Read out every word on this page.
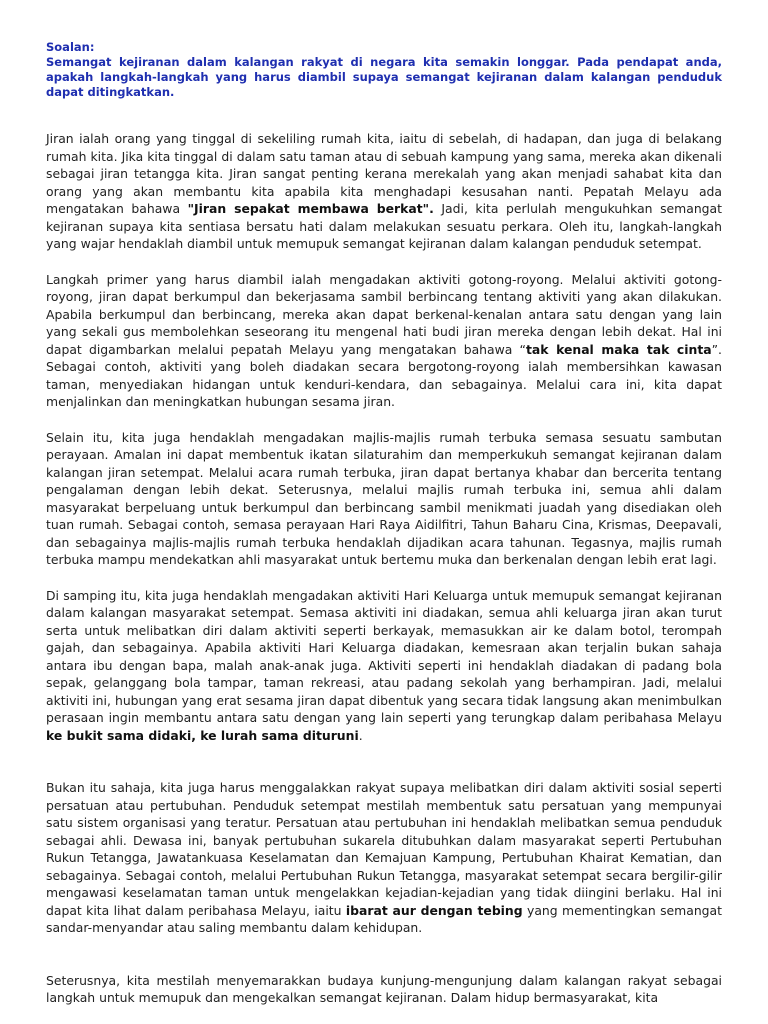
Soalan:
Semangat kejiranan dalam kalangan rakyat di negara kita semakin longgar. Pada pendapat anda, apakah langkah-langkah yang harus diambil supaya semangat kejiranan dalam kalangan penduduk dapat ditingkatkan.

Jiran ialah orang yang tinggal di sekeliling rumah kita, iaitu di sebelah, di hadapan, dan juga di belakang rumah kita. Jika kita tinggal di dalam satu taman atau di sebuah kampung yang sama, mereka akan dikenali sebagai jiran tetangga kita. Jiran sangat penting kerana merekalah yang akan menjadi sahabat kita dan orang yang akan membantu kita apabila kita menghadapi kesusahan nanti. Pepatah Melayu ada mengatakan bahawa "Jiran sepakat membawa berkat". Jadi, kita perlulah mengukuhkan semangat kejiranan supaya kita sentiasa bersatu hati dalam melakukan sesuatu perkara. Oleh itu, langkah-langkah yang wajar hendaklah diambil untuk memupuk semangat kejiranan dalam kalangan penduduk setempat.

Langkah primer yang harus diambil ialah mengadakan aktiviti gotong-royong. Melalui aktiviti gotong-royong, jiran dapat berkumpul dan bekerjasama sambil berbincang tentang aktiviti yang akan dilakukan. Apabila berkumpul dan berbincang, mereka akan dapat berkenal-kenalan antara satu dengan yang lain yang sekali gus membolehkan seseorang itu mengenal hati budi jiran mereka dengan lebih dekat. Hal ini dapat digambarkan melalui pepatah Melayu yang mengatakan bahawa “tak kenal maka tak cinta”. Sebagai contoh, aktiviti yang boleh diadakan secara bergotong-royong ialah membersihkan kawasan taman, menyediakan hidangan untuk kenduri-kendara, dan sebagainya. Melalui cara ini, kita dapat menjalinkan dan meningkatkan hubungan sesama jiran.

Selain itu, kita juga hendaklah mengadakan majlis-majlis rumah terbuka semasa sesuatu sambutan perayaan. Amalan ini dapat membentuk ikatan silaturahim dan memperkukuh semangat kejiranan dalam kalangan jiran setempat. Melalui acara rumah terbuka, jiran dapat bertanya khabar dan bercerita tentang pengalaman dengan lebih dekat. Seterusnya, melalui majlis rumah terbuka ini, semua ahli dalam masyarakat berpeluang untuk berkumpul dan berbincang sambil menikmati juadah yang disediakan oleh tuan rumah. Sebagai contoh, semasa perayaan Hari Raya Aidilfitri, Tahun Baharu Cina, Krismas, Deepavali, dan sebagainya majlis-majlis rumah terbuka hendaklah dijadikan acara tahunan. Tegasnya, majlis rumah terbuka mampu mendekatkan ahli masyarakat untuk bertemu muka dan berkenalan dengan lebih erat lagi.

Di samping itu, kita juga hendaklah mengadakan aktiviti Hari Keluarga untuk memupuk semangat kejiranan dalam kalangan masyarakat setempat. Semasa aktiviti ini diadakan, semua ahli keluarga jiran akan turut serta untuk melibatkan diri dalam aktiviti seperti berkayak, memasukkan air ke dalam botol, terompah gajah, dan sebagainya. Apabila aktiviti Hari Keluarga diadakan, kemesraan akan terjalin bukan sahaja antara ibu dengan bapa, malah anak-anak juga. Aktiviti seperti ini hendaklah diadakan di padang bola sepak, gelanggang bola tampar, taman rekreasi, atau padang sekolah yang berhampiran. Jadi, melalui aktiviti ini, hubungan yang erat sesama jiran dapat dibentuk yang secara tidak langsung akan menimbulkan perasaan ingin membantu antara satu dengan yang lain seperti yang terungkap dalam peribahasa Melayu ke bukit sama didaki, ke lurah sama dituruni.

Bukan itu sahaja, kita juga harus menggalakkan rakyat supaya melibatkan diri dalam aktiviti sosial seperti persatuan atau pertubuhan. Penduduk setempat mestilah membentuk satu persatuan yang mempunyai satu sistem organisasi yang teratur. Persatuan atau pertubuhan ini hendaklah melibatkan semua penduduk sebagai ahli. Dewasa ini, banyak pertubuhan sukarela ditubuhkan dalam masyarakat seperti Pertubuhan Rukun Tetangga, Jawatankuasa Keselamatan dan Kemajuan Kampung, Pertubuhan Khairat Kematian, dan sebagainya. Sebagai contoh, melalui Pertubuhan Rukun Tetangga, masyarakat setempat secara bergilir-gilir mengawasi keselamatan taman untuk mengelakkan kejadian-kejadian yang tidak diingini berlaku. Hal ini dapat kita lihat dalam peribahasa Melayu, iaitu ibarat aur dengan tebing yang mementingkan semangat sandar-menyandar atau saling membantu dalam kehidupan.

Seterusnya, kita mestilah menyemarakkan budaya kunjung-mengunjung dalam kalangan rakyat sebagai langkah untuk memupuk dan mengekalkan semangat kejiranan. Dalam hidup bermasyarakat, kita
